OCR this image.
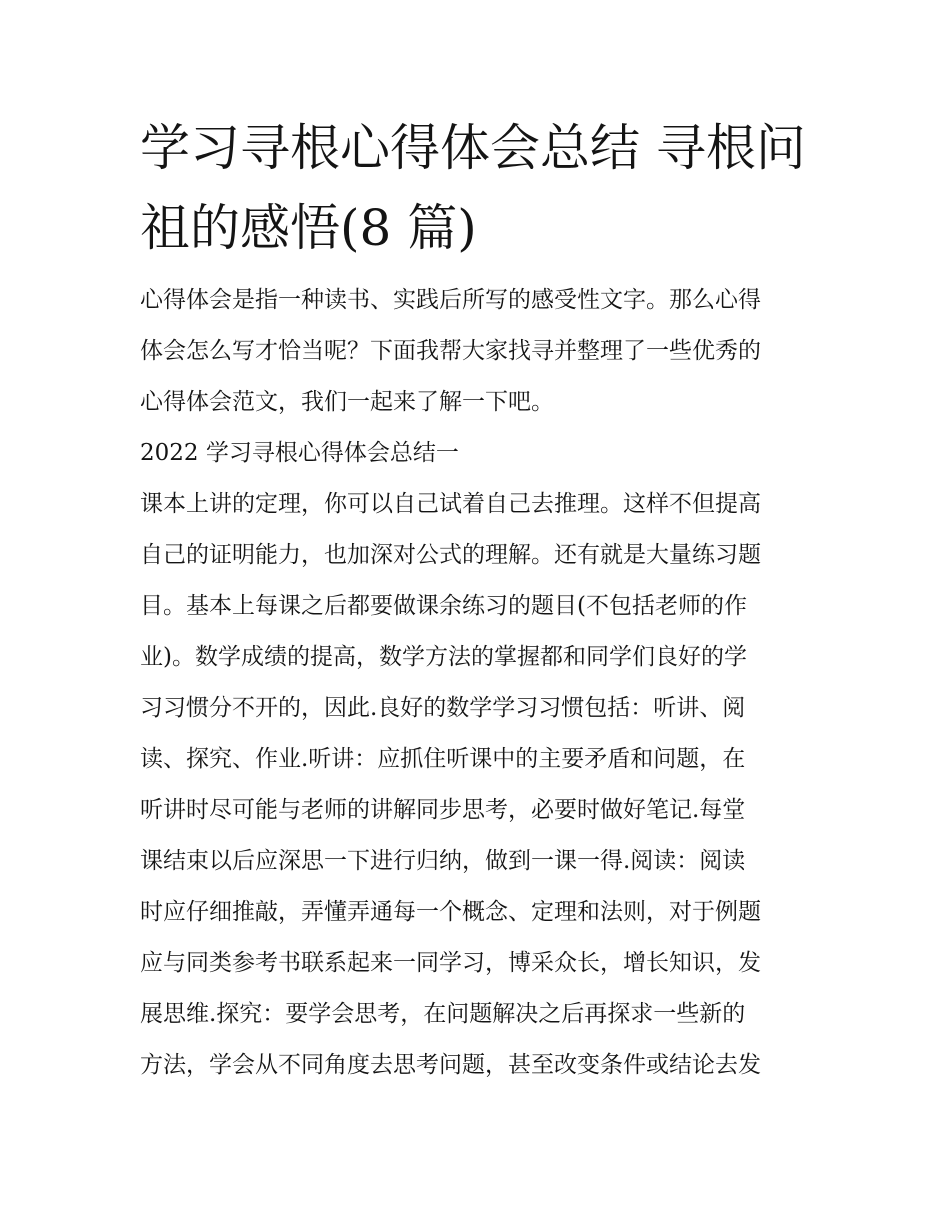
学习寻根心得体会总结 寻根问
祖的感悟(8 篇)
心得体会是指一种读书、实践后所写的感受性文字。那么心得
体会怎么写才恰当呢？下面我帮大家找寻并整理了一些优秀的
心得体会范文，我们一起来了解一下吧。
2022 学习寻根心得体会总结一
课本上讲的定理，你可以自己试着自己去推理。这样不但提高
自己的证明能力，也加深对公式的理解。还有就是大量练习题
目。基本上每课之后都要做课余练习的题目(不包括老师的作
业)。数学成绩的提高，数学方法的掌握都和同学们良好的学
习习惯分不开的，因此.良好的数学学习习惯包括：听讲、阅
读、探究、作业.听讲：应抓住听课中的主要矛盾和问题，在
听讲时尽可能与老师的讲解同步思考，必要时做好笔记.每堂
课结束以后应深思一下进行归纳，做到一课一得.阅读：阅读
时应仔细推敲，弄懂弄通每一个概念、定理和法则，对于例题
应与同类参考书联系起来一同学习，博采众长，增长知识，发
展思维.探究：要学会思考，在问题解决之后再探求一些新的
方法，学会从不同角度去思考问题，甚至改变条件或结论去发
